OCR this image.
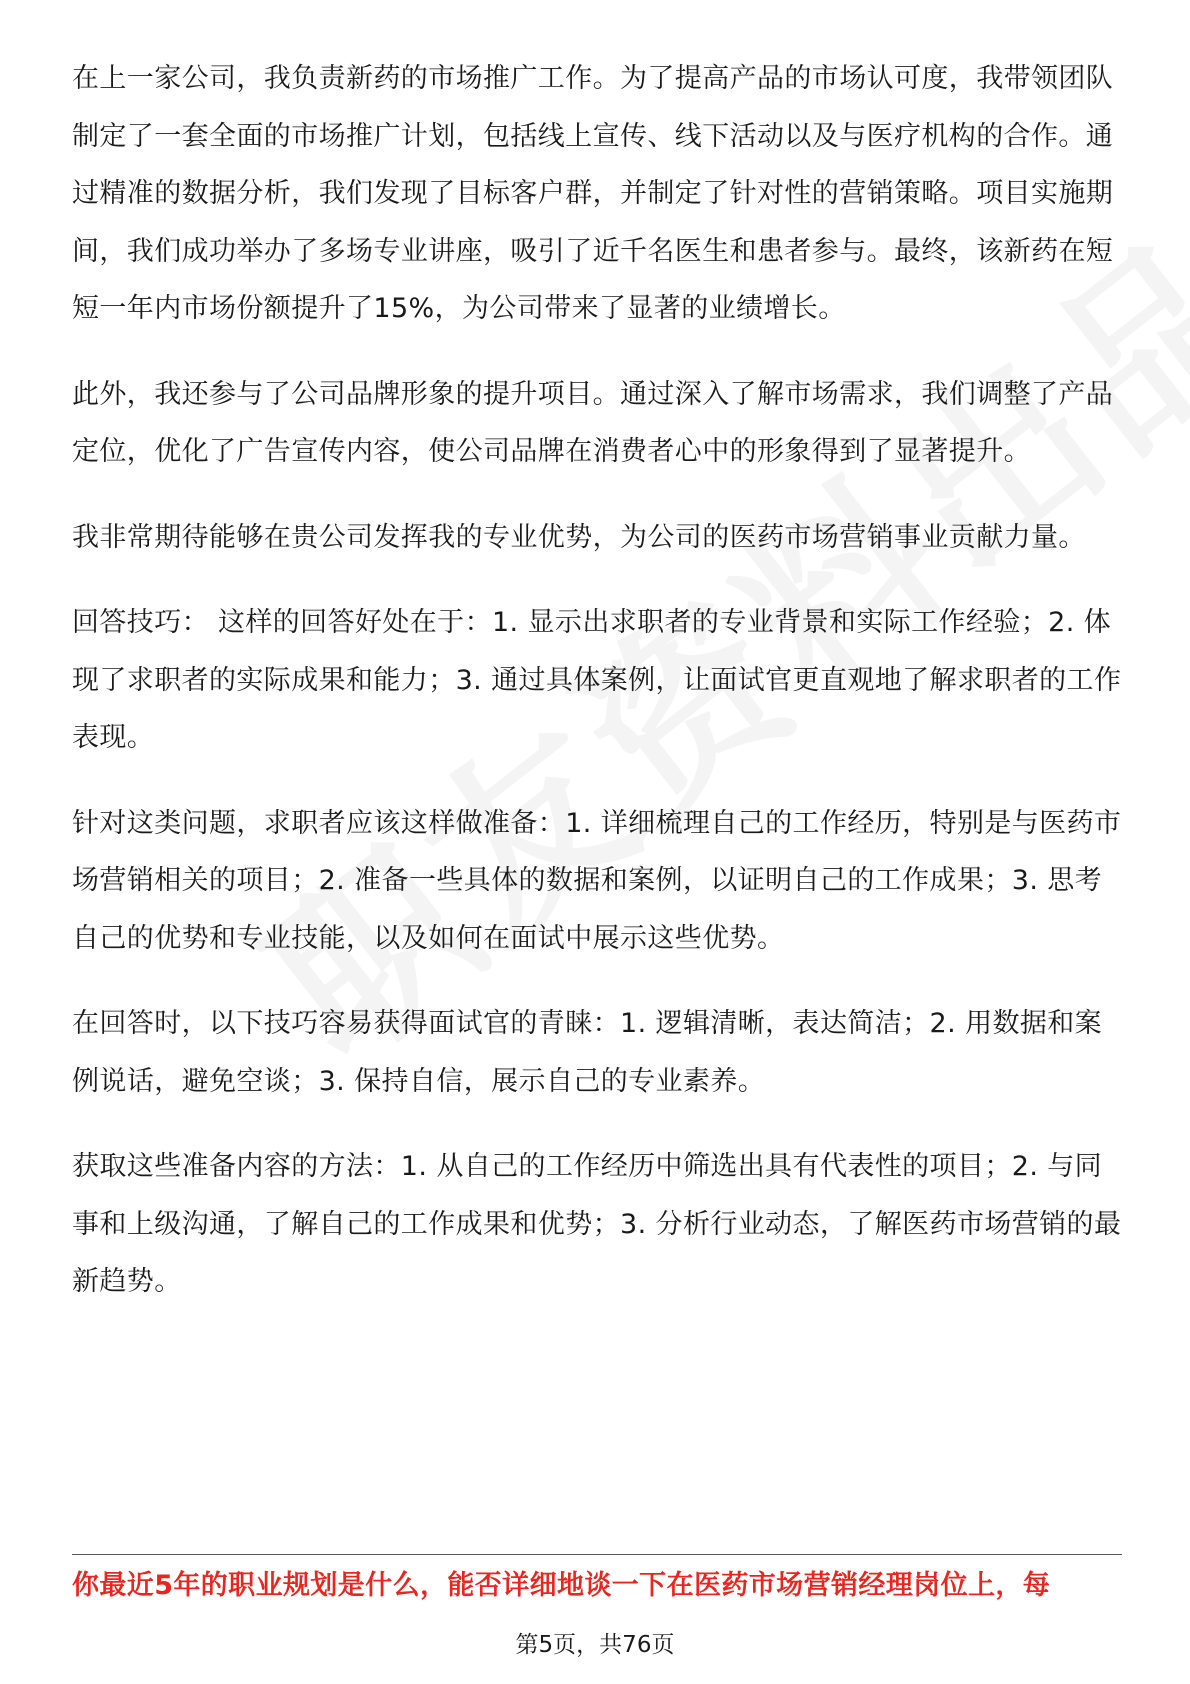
在上一家公司，我负责新药的市场推广工作。为了提高产品的市场认可度，我带领团队制定了一套全面的市场推广计划，包括线上宣传、线下活动以及与医疗机构的合作。通过精准的数据分析，我们发现了目标客户群，并制定了针对性的营销策略。项目实施期间，我们成功举办了多场专业讲座，吸引了近千名医生和患者参与。最终，该新药在短短一年内市场份额提升了15%，为公司带来了显著的业绩增长。

此外，我还参与了公司品牌形象的提升项目。通过深入了解市场需求，我们调整了产品定位，优化了广告宣传内容，使公司品牌在消费者心中的形象得到了显著提升。

我非常期待能够在贵公司发挥我的专业优势，为公司的医药市场营销事业贡献力量。

回答技巧： 这样的回答好处在于：1. 显示出求职者的专业背景和实际工作经验；2. 体现了求职者的实际成果和能力；3. 通过具体案例，让面试官更直观地了解求职者的工作表现。

针对这类问题，求职者应该这样做准备：1. 详细梳理自己的工作经历，特别是与医药市场营销相关的项目；2. 准备一些具体的数据和案例，以证明自己的工作成果；3. 思考自己的优势和专业技能，以及如何在面试中展示这些优势。

在回答时，以下技巧容易获得面试官的青睐：1. 逻辑清晰，表达简洁；2. 用数据和案例说话，避免空谈；3. 保持自信，展示自己的专业素养。

获取这些准备内容的方法：1. 从自己的工作经历中筛选出具有代表性的项目；2. 与同事和上级沟通，了解自己的工作成果和优势；3. 分析行业动态，了解医药市场营销的最新趋势。

你最近5年的职业规划是什么，能否详细地谈一下在医药市场营销经理岗位上，每
第5页，共76页
